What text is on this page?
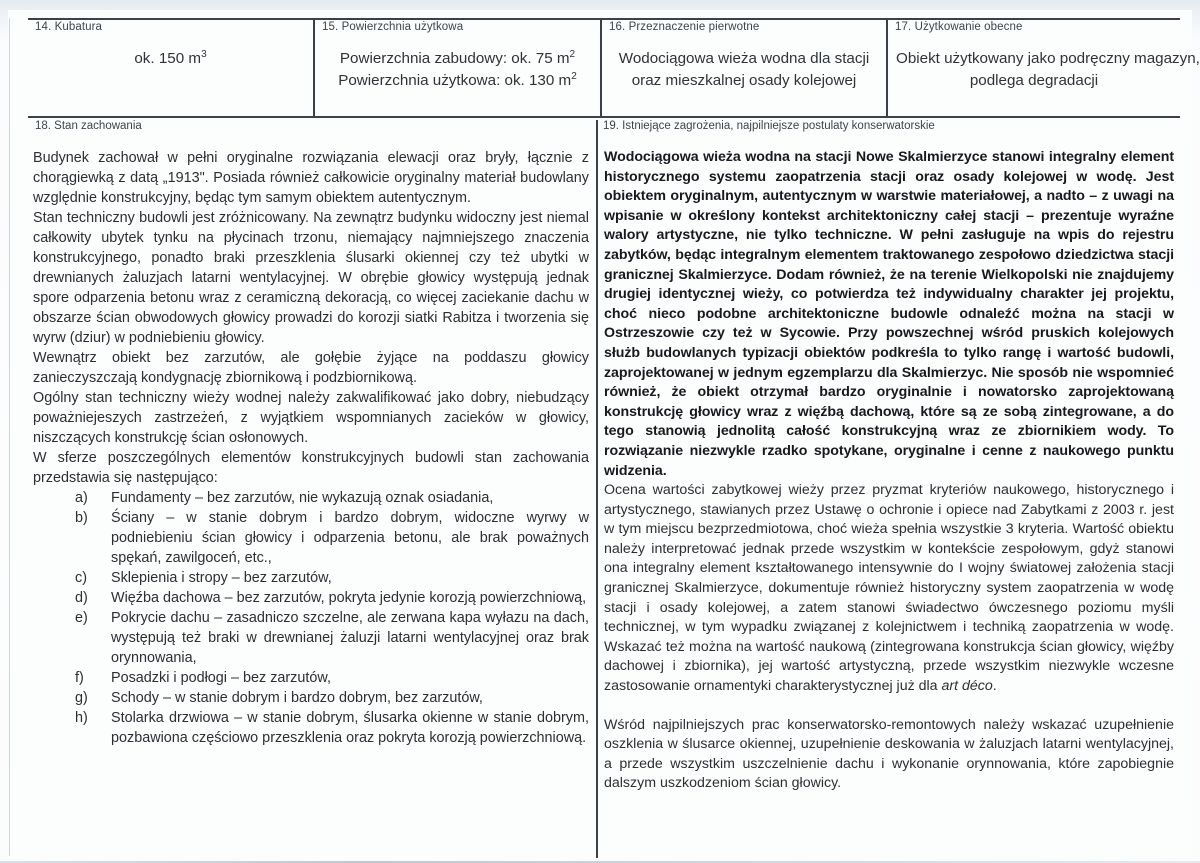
14. Kubatura
ok. 150 $m^3$
15. Powierzchnia użytkowa
Powierzchnia zabudowy: ok. 75 $m^2$
Powierzchnia użytkowa: ok. 130 $m^2$
16. Przeznaczenie pierwotne
Wodociągowa wieża wodna dla stacji
oraz mieszkalnej osady kolejowej
17. Użytkowanie obecne
Obiekt użytkowany jako podręczny magazyn,
podlega degradacji
18. Stan zachowania	19. Istniejące zagrożenia, najpilniejsze postulaty konserwatorskie

Budynek zachował w pełni oryginalne rozwiązania elewacji oraz bryły, łącznie z chorągiewką z datą „1913". Posiada również całkowicie oryginalny materiał budowlany względnie konstrukcyjny, będąc tym samym obiektem autentycznym.

Stan techniczny budowli jest zróżnicowany. Na zewnątrz budynku widoczny jest niemal całkowity ubytek tynku na płycinach trzonu, niemający najmniejszego znaczenia konstrukcyjnego, ponadto braki przeszklenia ślusarki okiennej czy też ubytki w drewnianych żaluzjach latarni wentylacyjnej. W obrębie głowicy występują jednak spore odparzenia betonu wraz z ceramiczną dekoracją, co więcej zaciekanie dachu w obszarze ścian obwodowych głowicy prowadzi do korozji siatki Rabitza i tworzenia się wyrw (dziur) w podniebieniu głowicy.

Wewnątrz obiekt bez zarzutów, ale gołębie żyjące na poddaszu głowicy zanieczyszczają kondygnację zbiornikową i podzbiornikową.

Ogólny stan techniczny wieży wodnej należy zakwalifikować jako dobry, niebudzący poważniejeszych zastrzeżeń, z wyjątkiem wspomnianych zacieków w głowicy, niszczących konstrukcję ścian osłonowych.

W sferze poszczególnych elementów konstrukcyjnych budowli stan zachowania przedstawia się następująco:

a)	Fundamenty – bez zarzutów, nie wykazują oznak osiadania,
b)	Ściany – w stanie dobrym i bardzo dobrym, widoczne wyrwy w podniebieniu ścian głowicy i odparzenia betonu, ale brak poważnych spękań, zawilgoceń, etc.,
c)	Sklepienia i stropy – bez zarzutów,
d)	Więźba dachowa – bez zarzutów, pokryta jedynie korozją powierzchniową,
e)	Pokrycie dachu – zasadniczo szczelne, ale zerwana kapa wyłazu na dach, występują też braki w drewnianej żaluzji latarni wentylacyjnej oraz brak orynnowania,
f)	Posadzki i podłogi – bez zarzutów,
g)	Schody – w stanie dobrym i bardzo dobrym, bez zarzutów,
h)	Stolarka drzwiowa – w stanie dobrym, ślusarka okienne w stanie dobrym, pozbawiona częściowo przeszklenia oraz pokryta korozją powierzchniową.

Wodociągowa wieża wodna na stacji Nowe Skalmierzyce stanowi integralny element historycznego systemu zaopatrzenia stacji oraz osady kolejowej w wodę. Jest obiektem oryginalnym, autentycznym w warstwie materiałowej, a nadto – z uwagi na wpisanie w określony kontekst architektoniczny całej stacji – prezentuje wyraźne walory artystyczne, nie tylko techniczne. W pełni zasługuje na wpis do rejestru zabytków, będąc integralnym elementem traktowanego zespołowo dziedzictwa stacji granicznej Skalmierzyce. Dodam również, że na terenie Wielkopolski nie znajdujemy drugiej identycznej wieży, co potwierdza też indywidualny charakter jej projektu, choć nieco podobne architektoniczne budowle odnaleźć można na stacji w Ostrzeszowie czy też w Sycowie. Przy powszechnej wśród pruskich kolejowych służb budowlanych typizacji obiektów podkreśla to tylko rangę i wartość budowli, zaprojektowanej w jednym egzemplarzu dla Skalmierzyc. Nie sposób nie wspomnieć również, że obiekt otrzymał bardzo oryginalnie i nowatorsko zaprojektowaną konstrukcję głowicy wraz z więźbą dachową, które są ze sobą zintegrowane, a do tego stanowią jednolitą całość konstrukcyjną wraz ze zbiornikiem wody. To rozwiązanie niezwykle rzadko spotykane, oryginalne i cenne z naukowego punktu widzenia.

Ocena wartości zabytkowej wieży przez pryzmat kryteriów naukowego, historycznego i artystycznego, stawianych przez Ustawę o ochronie i opiece nad Zabytkami z 2003 r. jest w tym miejscu bezprzedmiotowa, choć wieża spełnia wszystkie 3 kryteria. Wartość obiektu należy interpretować jednak przede wszystkim w kontekście zespołowym, gdyż stanowi ona integralny element kształtowanego intensywnie do I wojny światowej założenia stacji granicznej Skalmierzyce, dokumentuje również historyczny system zaopatrzenia w wodę stacji i osady kolejowej, a zatem stanowi świadectwo ówczesnego poziomu myśli technicznej, w tym wypadku związanej z kolejnictwem i techniką zaopatrzenia w wodę. Wskazać też można na wartość naukową (zintegrowana konstrukcja ścian głowicy, więźby dachowej i zbiornika), jej wartość artystyczną, przede wszystkim niezwykle wczesne zastosowanie ornamentyki charakterystycznej już dla art déco.

Wśród najpilniejszych prac konserwatorsko-remontowych należy wskazać uzupełnienie oszklenia w ślusarce okiennej, uzupełnienie deskowania w żaluzjach latarni wentylacyjnej, a przede wszystkim uszczelnienie dachu i wykonanie orynnowania, które zapobiegnie dalszym uszkodzeniom ścian głowicy.
